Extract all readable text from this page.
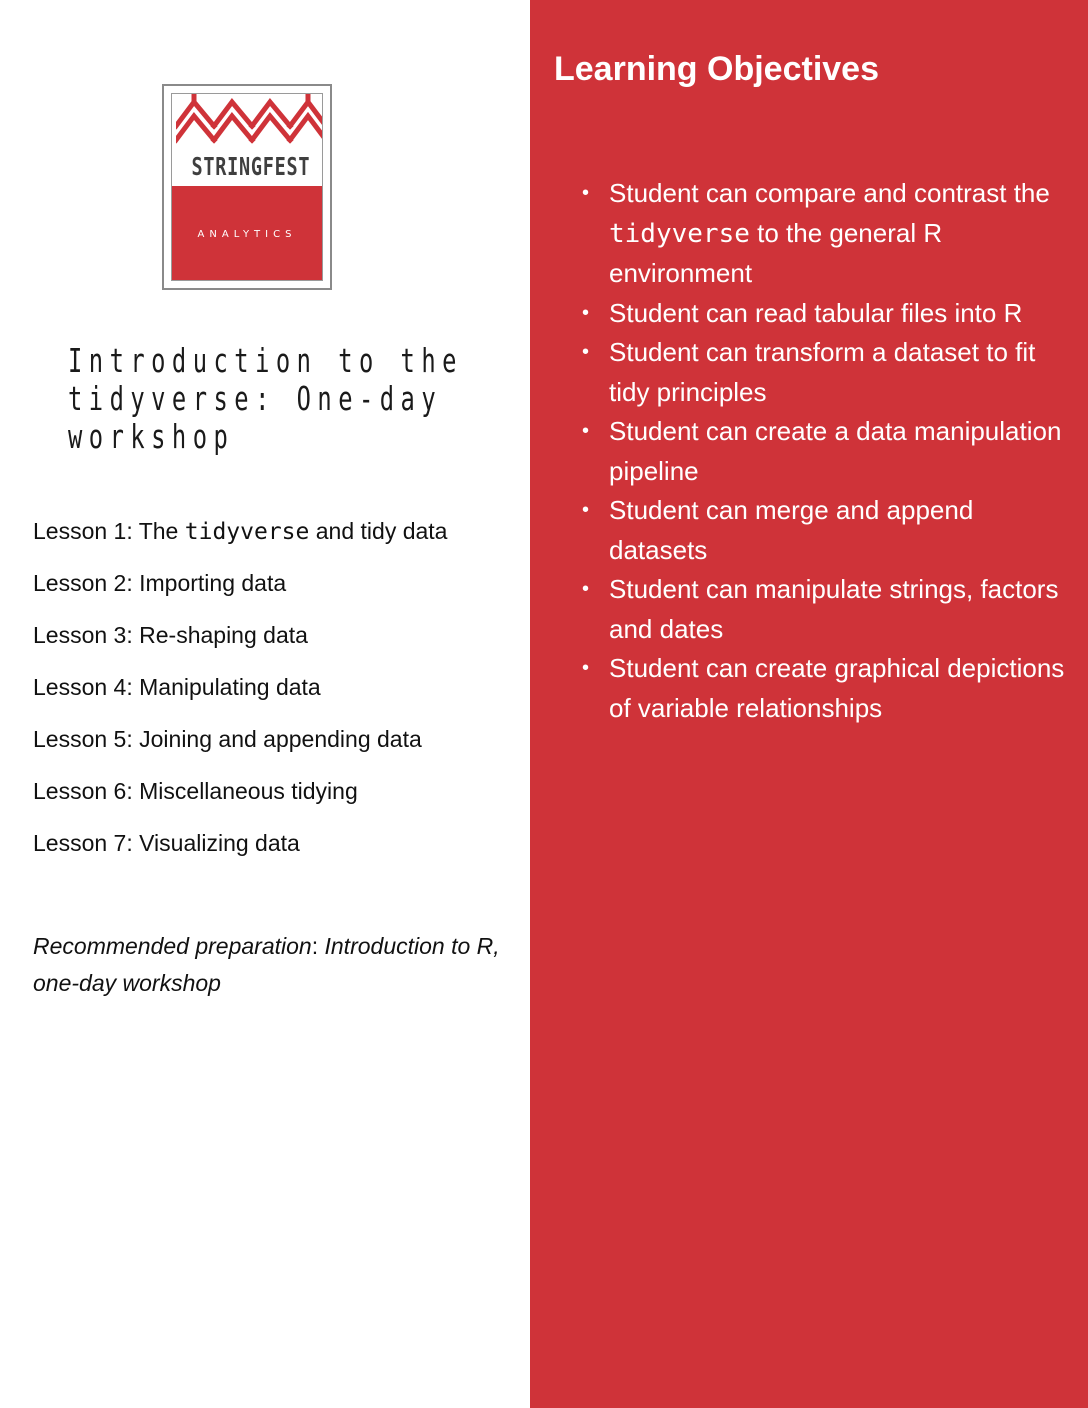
STRINGFEST
ANALYTICS
Introduction to the tidyverse: One-day workshop
Lesson 1: The tidyverse and tidy data
Lesson 2: Importing data
Lesson 3: Re-shaping data
Lesson 4: Manipulating data
Lesson 5: Joining and appending data
Lesson 6: Miscellaneous tidying
Lesson 7: Visualizing data
Recommended preparation: Introduction to R, one-day workshop
Learning Objectives
• Student can compare and contrast the tidyverse to the general R environment
• Student can read tabular files into R
• Student can transform a dataset to fit tidy principles
• Student can create a data manipulation pipeline
• Student can merge and append datasets
• Student can manipulate strings, factors and dates
• Student can create graphical depictions of variable relationships
